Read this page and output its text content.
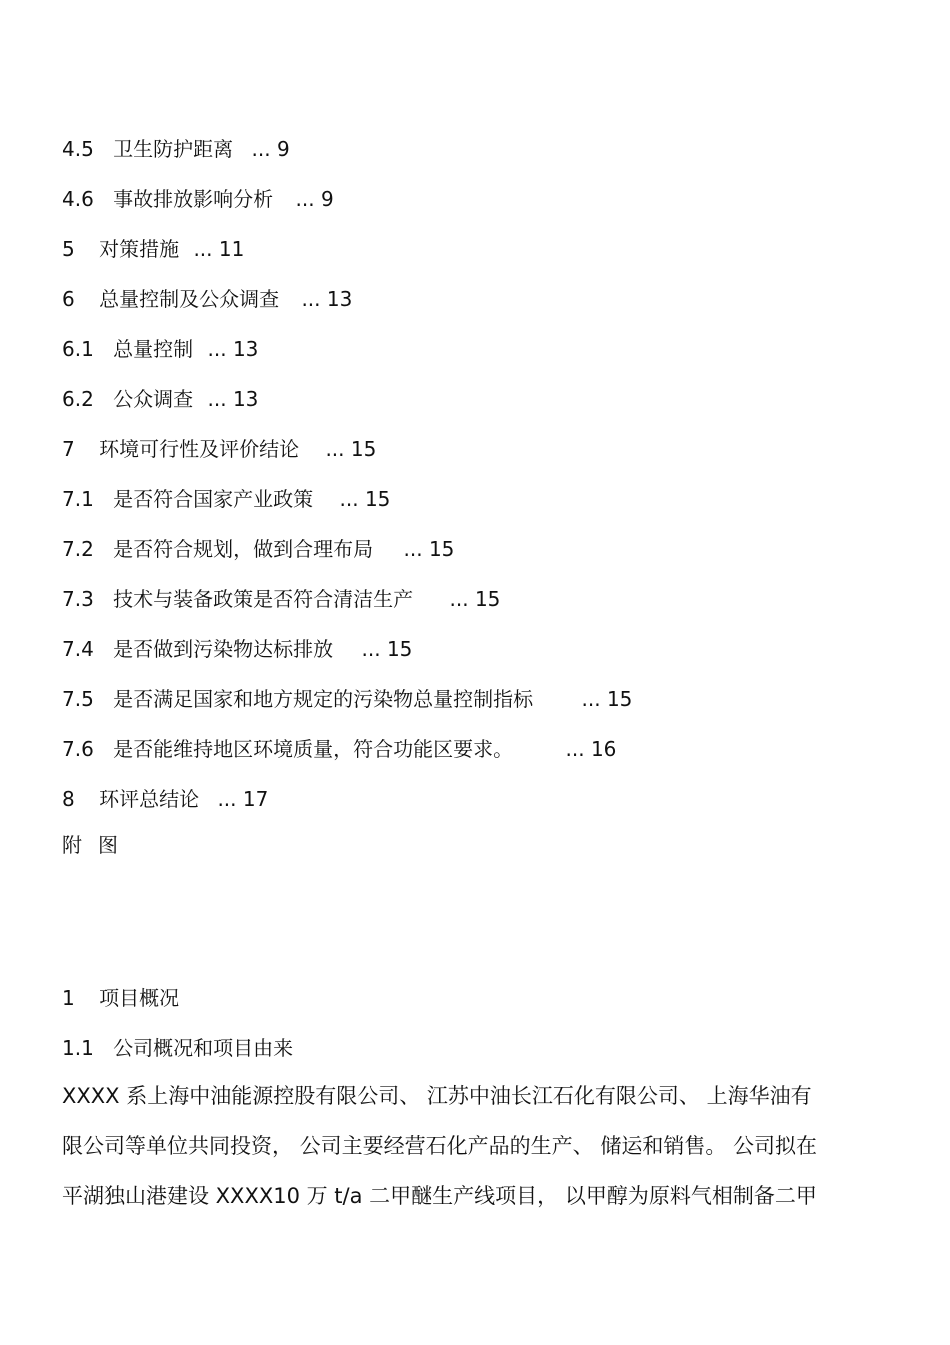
4.5 卫生防护距离 ... 9
4.6 事故排放影响分析 ... 9
5 对策措施 ... 11
6 总量控制及公众调查 ... 13
6.1 总量控制 ... 13
6.2 公众调查 ... 13
7 环境可行性及评价结论 ... 15
7.1 是否符合国家产业政策 ... 15
7.2 是否符合规划，做到合理布局 ... 15
7.3 技术与装备政策是否符合清洁生产 ... 15
7.4 是否做到污染物达标排放 ... 15
7.5 是否满足国家和地方规定的污染物总量控制指标 ... 15
7.6 是否能维持地区环境质量，符合功能区要求。	... 16
8 环评总结论 ... 17
附图
1 项目概况
1.1 公司概况和项目由来
XXXX 系上海中油能源控股有限公司、 江苏中油长江石化有限公司、 上海华油有
限公司等单位共同投资， 公司主要经营石化产品的生产、 储运和销售。 公司拟在
平湖独山港建设 XXXX10 万 t/a 二甲醚生产线项目， 以甲醇为原料气相制备二甲
